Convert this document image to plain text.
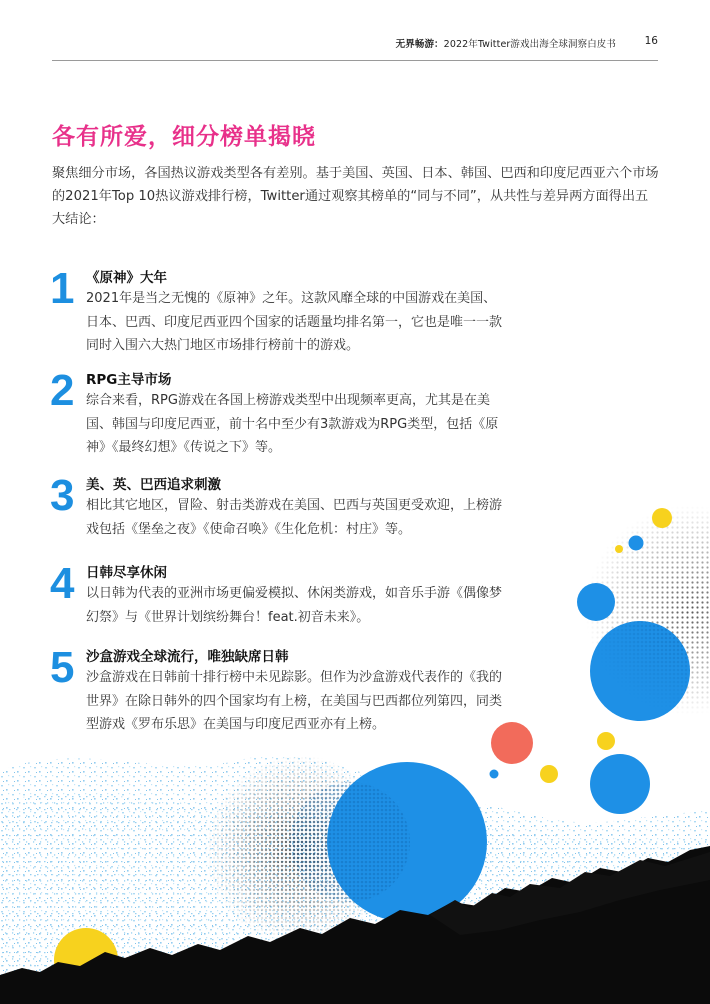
无界畅游：2022年Twitter游戏出海全球洞察白皮书	16
各有所爱，细分榜单揭晓

聚焦细分市场，各国热议游戏类型各有差别。基于美国、英国、日本、韩国、巴西和印度尼西亚六个市场的2021年Top 10热议游戏排行榜，Twitter通过观察其榜单的“同与不同”，从共性与差异两方面得出五大结论：

1 《原神》大年

2021年是当之无愧的《原神》之年。这款风靡全球的中国游戏在美国、日本、巴西、印度尼西亚四个国家的话题量均排名第一，它也是唯一一款同时入围六大热门地区市场排行榜前十的游戏。

2 RPG主导市场

综合来看，RPG游戏在各国上榜游戏类型中出现频率更高，尤其是在美国、韩国与印度尼西亚，前十名中至少有3款游戏为RPG类型，包括《原神》《最终幻想》《传说之下》等。

3 美、英、巴西追求刺激

相比其它地区，冒险、射击类游戏在美国、巴西与英国更受欢迎，上榜游戏包括《堡垒之夜》《使命召唤》《生化危机：村庄》等。

4 日韩尽享休闲

以日韩为代表的亚洲市场更偏爱模拟、休闲类游戏，如音乐手游《偶像梦幻祭》与《世界计划缤纷舞台！feat.初音未来》。

5 沙盒游戏全球流行，唯独缺席日韩

沙盒游戏在日韩前十排行榜中未见踪影。但作为沙盒游戏代表作的《我的世界》在除日韩外的四个国家均有上榜，在美国与巴西都位列第四，同类型游戏《罗布乐思》在美国与印度尼西亚亦有上榜。
